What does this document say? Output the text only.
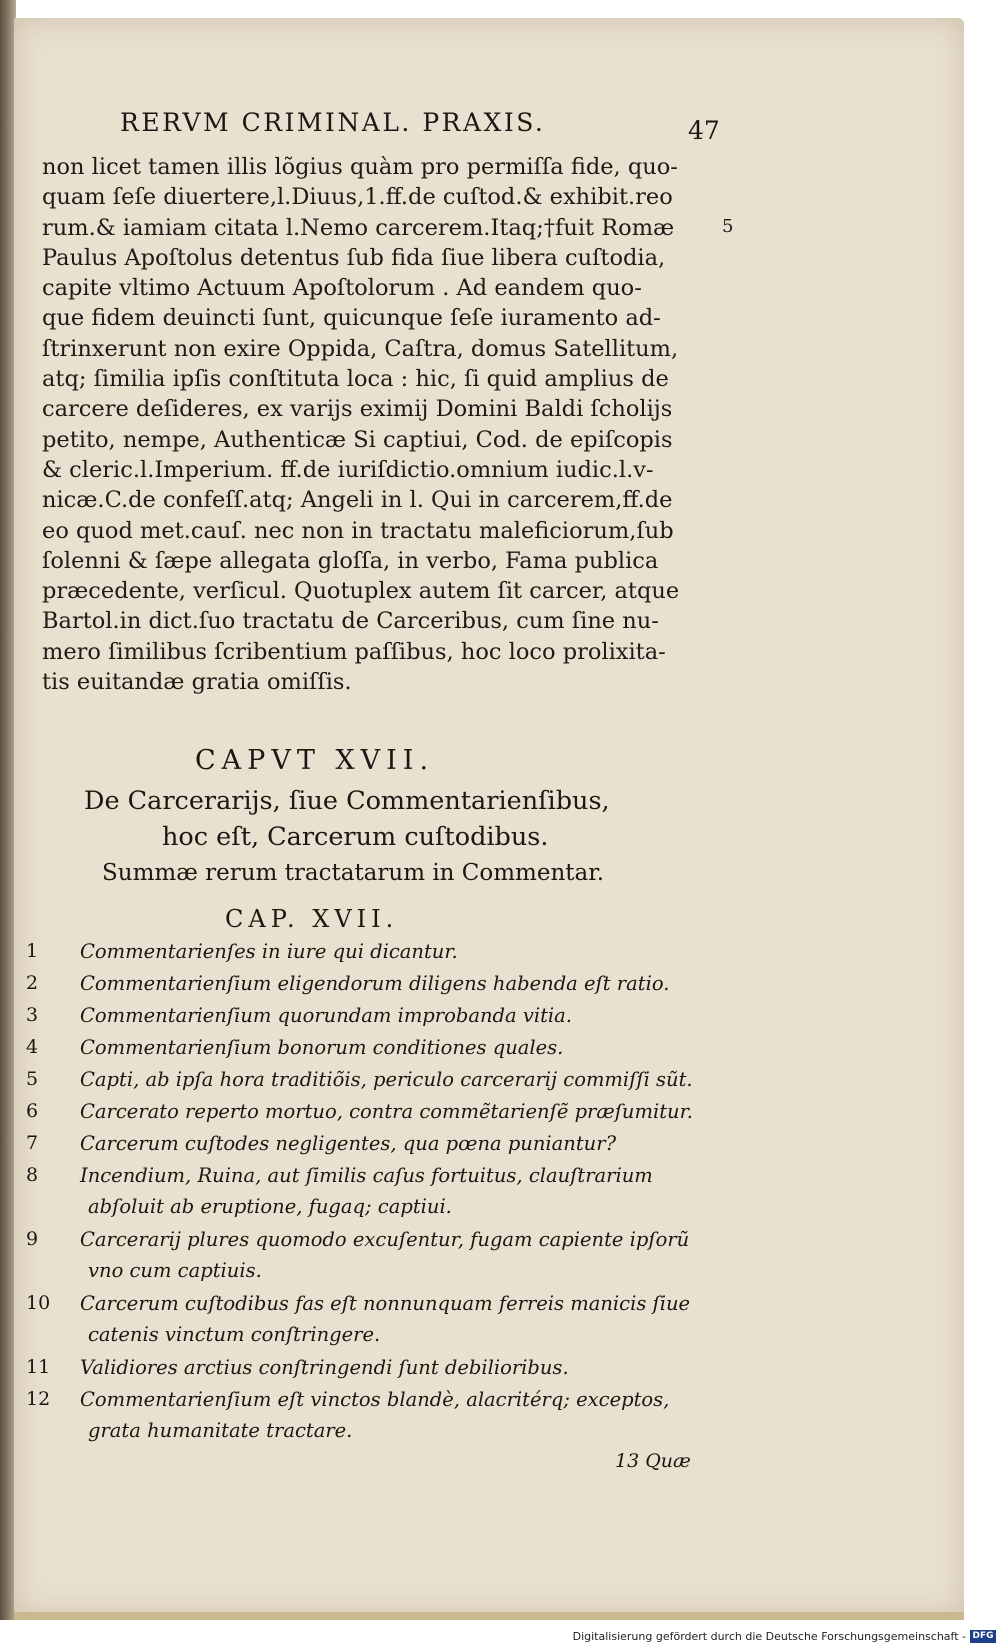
RERVM CRIMINAL. PRAXIS.	47
non licet tamen illis lõgius quàm pro permiſſa fide, quo-
quam ſeſe diuertere,l.Diuus,1.ff.de cuſtod.& exhibit.reo
rum.& iamiam citata l.Nemo carcerem.Itaq;†fuit Romæ
Paulus Apoſtolus detentus ſub fida ſiue libera cuſtodia,
capite vltimo Actuum Apoſtolorum . Ad eandem quo-
que fidem deuincti ſunt, quicunque ſeſe iuramento ad-
ſtrinxerunt non exire Oppida, Caſtra, domus Satellitum,
atq; ſimilia ipſis conſtituta loca : hic, ſi quid amplius de
carcere deſideres, ex varijs eximij Domini Baldi ſcholijs
petito, nempe, Authenticæ Si captiui, Cod. de epiſcopis
& cleric.l.Imperium. ff.de iuriſdictio.omnium iudic.l.v-
nicæ.C.de confeſſ.atq; Angeli in l. Qui in carcerem,ff.de
eo quod met.cauſ. nec non in tractatu maleficiorum,ſub
ſolenni & ſæpe allegata gloſſa, in verbo, Fama publica
præcedente, verſicul. Quotuplex autem ſit carcer, atque
Bartol.in dict.ſuo tractatu de Carceribus, cum ſine nu-
mero ſimilibus ſcribentium paſſibus, hoc loco prolixita-
tis euitandæ gratia omiſſis.
5
CAPVT XVII.
De Carcerarijs, ſiue Commentarienſibus,
hoc eſt, Carcerum cuſtodibus.
Summæ rerum tractatarum in Commentar.
CAP. XVII.
1	Commentarienſes in iure qui dicantur.
2	Commentarienſium eligendorum diligens habenda eſt ratio.
3	Commentarienſium quorundam improbanda vitia.
4	Commentarienſium bonorum conditiones quales.
5	Capti, ab ipſa hora traditiõis, periculo carcerarij commiſſi sũt.
6	Carcerato reperto mortuo, contra commẽtarienſẽ præſumitur.
7	Carcerum cuſtodes negligentes, qua pœna puniantur?
8	Incendium, Ruina, aut ſimilis caſus fortuitus, clauſtrarium
abſoluit ab eruptione, fugaq; captiui.
9	Carcerarij plures quomodo excuſentur, fugam capiente ipſorũ
vno cum captiuis.
10	Carcerum cuſtodibus fas eſt nonnunquam ferreis manicis ſiue
catenis vinctum conſtringere.
11	Validiores arctius conſtringendi ſunt debilioribus.
12	Commentarienſium eſt vinctos blandè, alacritérq; exceptos,
grata humanitate tractare.
13 Quæ
Digitalisierung gefördert durch die Deutsche Forschungsgemeinschaft - DFG
